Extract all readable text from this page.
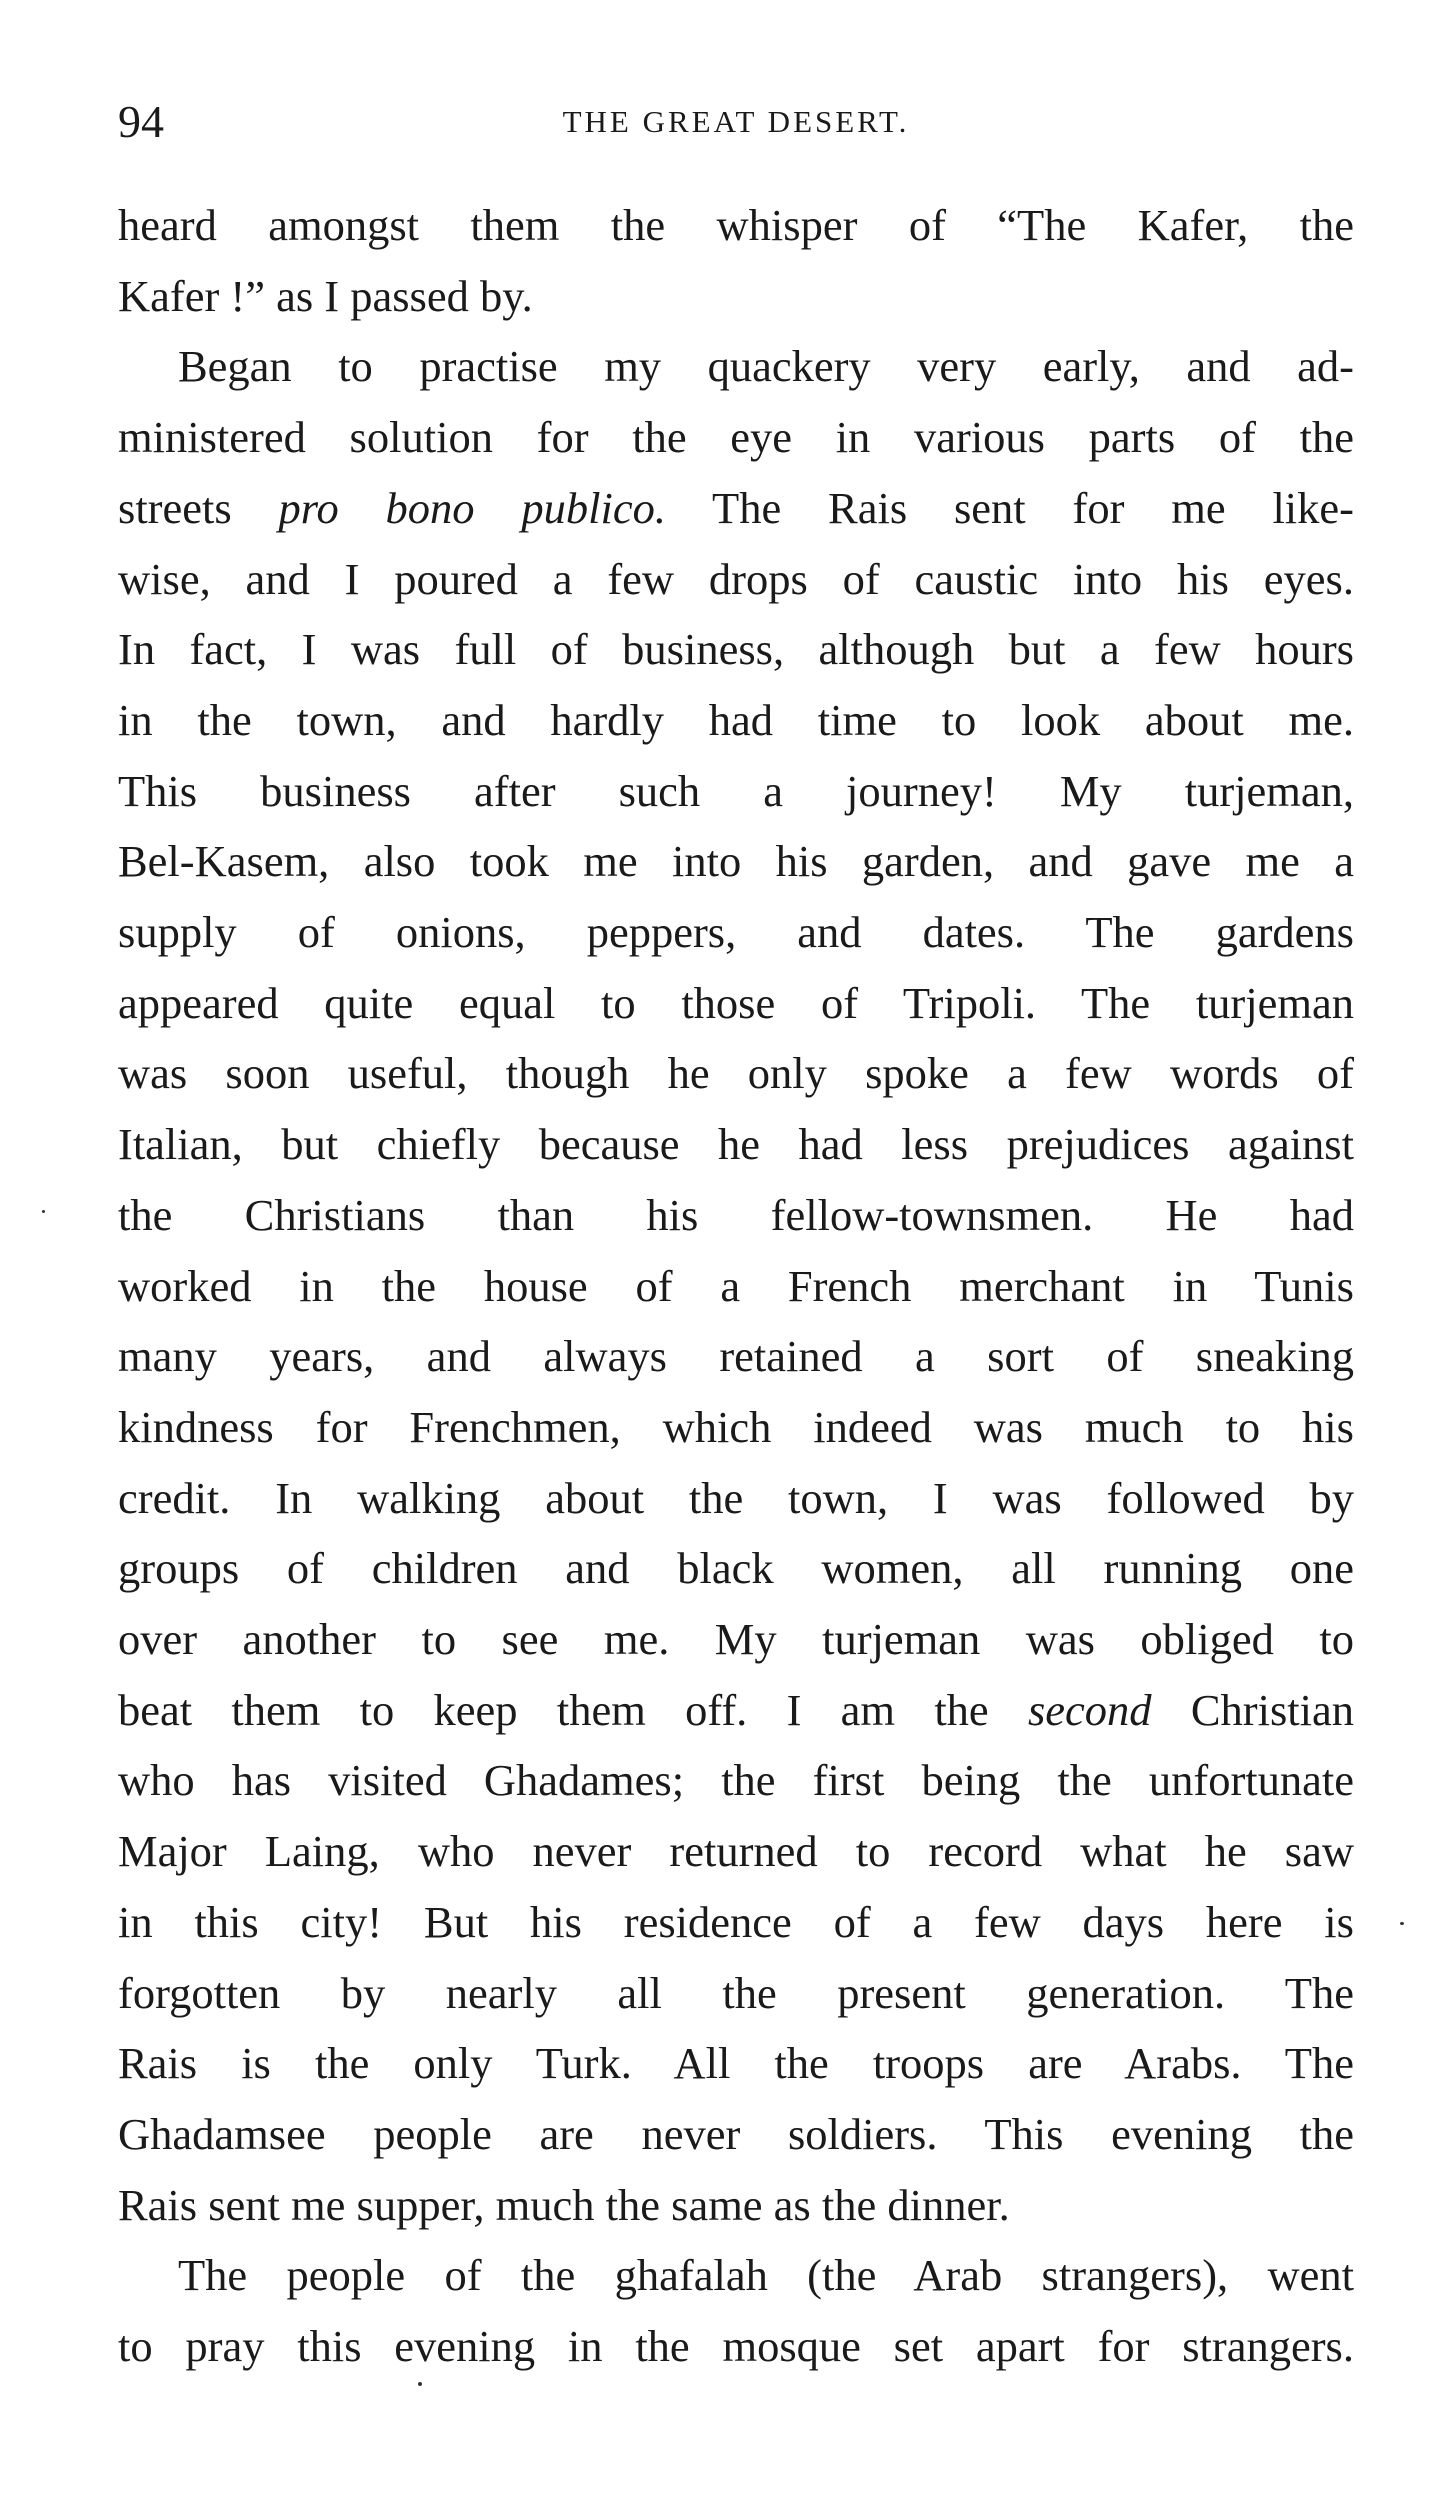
94	THE GREAT DESERT.
heard amongst them the whisper of “The Kafer, the
Kafer !” as I passed by.
Began to practise my quackery very early, and ad-
ministered solution for the eye in various parts of the
streets pro bono publico. The Rais sent for me like-
wise, and I poured a few drops of caustic into his eyes.
In fact, I was full of business, although but a few hours
in the town, and hardly had time to look about me.
This business after such a journey! My turjeman,
Bel-Kasem, also took me into his garden, and gave me a
supply of onions, peppers, and dates. The gardens
appeared quite equal to those of Tripoli. The turjeman
was soon useful, though he only spoke a few words of
Italian, but chiefly because he had less prejudices against
the Christians than his fellow-townsmen. He had
worked in the house of a French merchant in Tunis
many years, and always retained a sort of sneaking
kindness for Frenchmen, which indeed was much to his
credit. In walking about the town, I was followed by
groups of children and black women, all running one
over another to see me. My turjeman was obliged to
beat them to keep them off. I am the second Christian
who has visited Ghadames; the first being the unfortunate
Major Laing, who never returned to record what he saw
in this city! But his residence of a few days here is
forgotten by nearly all the present generation. The
Rais is the only Turk. All the troops are Arabs. The
Ghadamsee people are never soldiers. This evening the
Rais sent me supper, much the same as the dinner.
The people of the ghafalah (the Arab strangers), went
to pray this evening in the mosque set apart for strangers.
